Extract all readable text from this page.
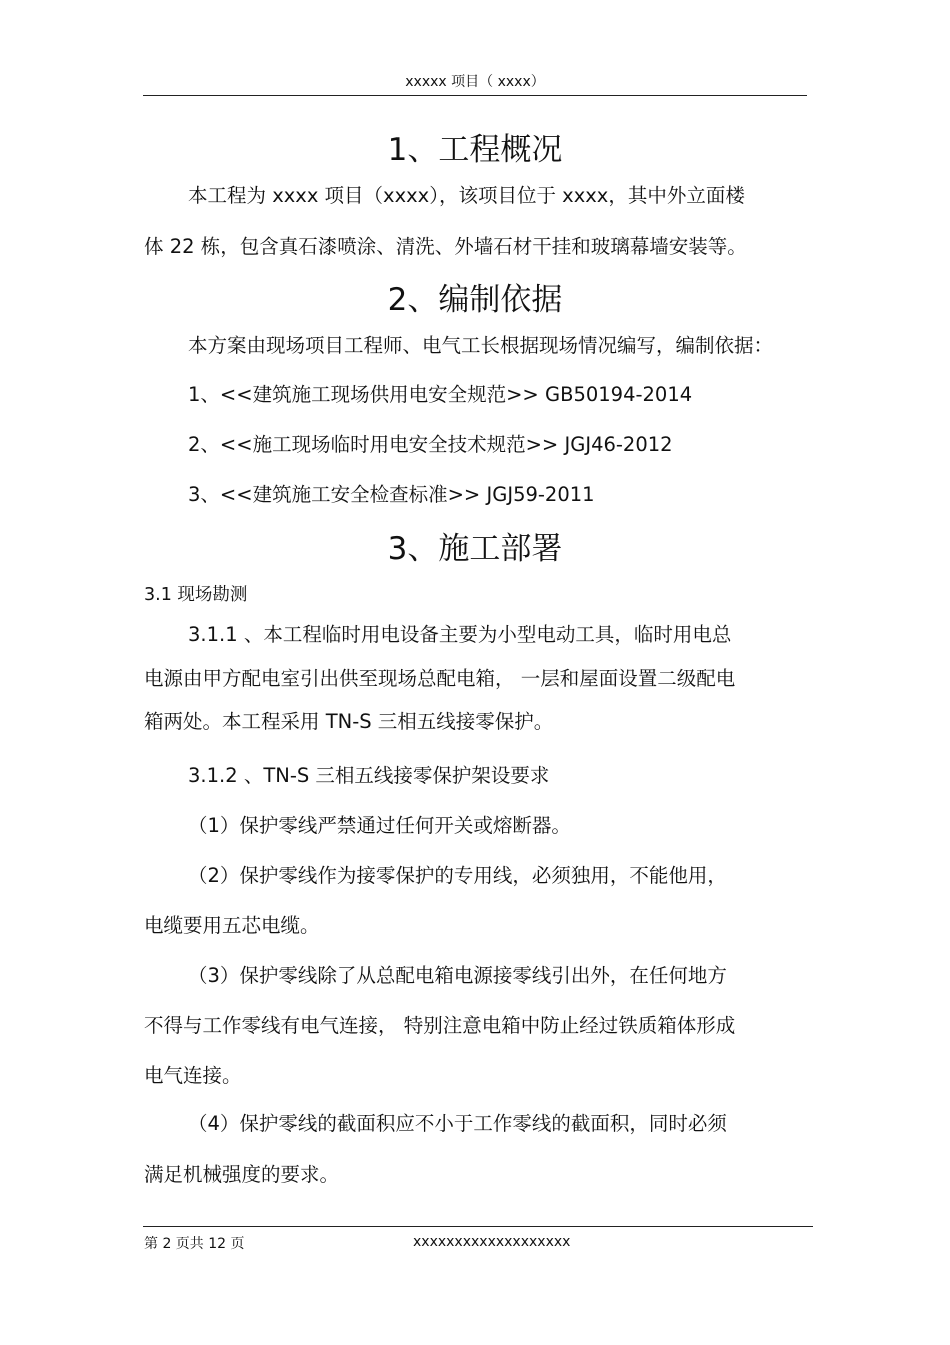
xxxxx 项目（ xxxx）
1、工程概况
本工程为 xxxx 项目（xxxx），该项目位于 xxxx，其中外立面楼
体 22 栋，包含真石漆喷涂、清洗、外墙石材干挂和玻璃幕墙安装等。
2、编制依据
本方案由现场项目工程师、电气工长根据现场情况编写，编制依据：
1、<<建筑施工现场供用电安全规范>> GB50194-2014
2、<<施工现场临时用电安全技术规范>> JGJ46-2012
3、<<建筑施工安全检查标准>> JGJ59-2011
3、施工部署
3.1 现场勘测
3.1.1 、本工程临时用电设备主要为小型电动工具，临时用电总
电源由甲方配电室引出供至现场总配电箱， 一层和屋面设置二级配电
箱两处。本工程采用 TN-S 三相五线接零保护。
3.1.2 、TN-S 三相五线接零保护架设要求
（1）保护零线严禁通过任何开关或熔断器。
（2）保护零线作为接零保护的专用线，必须独用，不能他用，
电缆要用五芯电缆。
（3）保护零线除了从总配电箱电源接零线引出外，在任何地方
不得与工作零线有电气连接， 特别注意电箱中防止经过铁质箱体形成
电气连接。
（4）保护零线的截面积应不小于工作零线的截面积，同时必须
满足机械强度的要求。
第 2 页共 12 页	xxxxxxxxxxxxxxxxxxx
